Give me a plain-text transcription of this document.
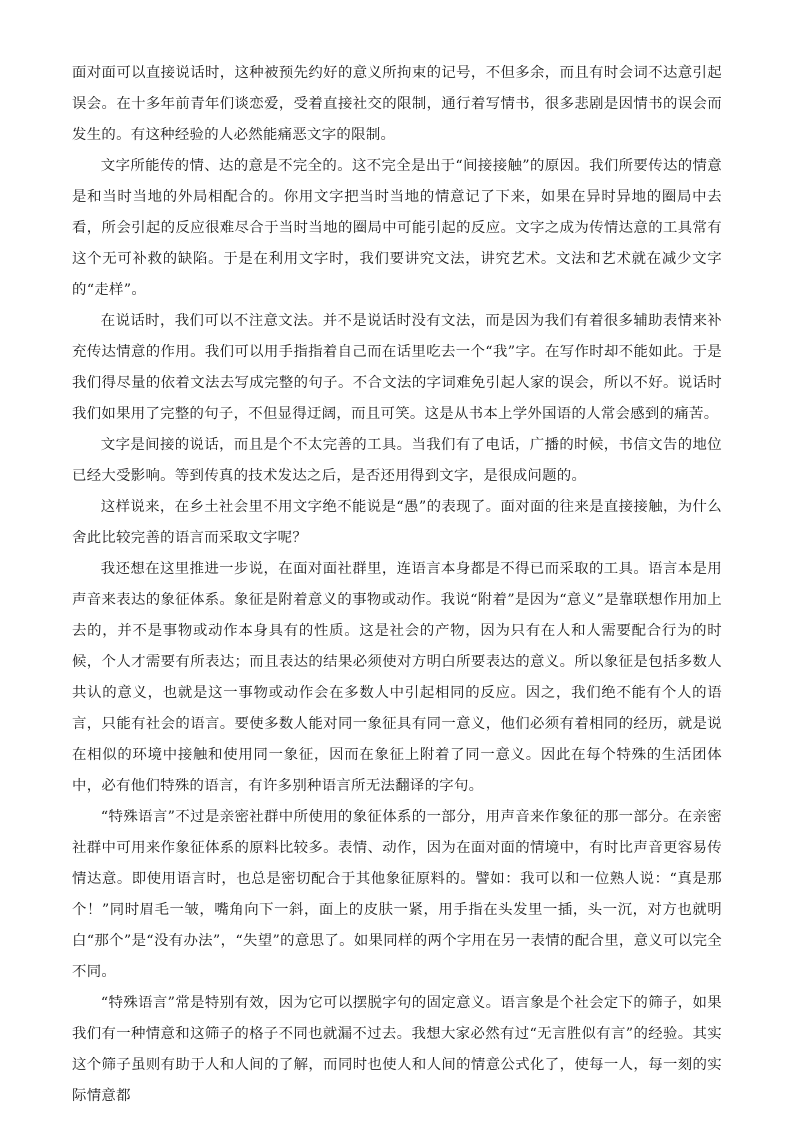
面对面可以直接说话时，这种被预先约好的意义所拘束的记号，不但多余，而且有时会词不达意引起误会。在十多年前青年们谈恋爱，受着直接社交的限制，通行着写情书，很多悲剧是因情书的误会而发生的。有这种经验的人必然能痛恶文字的限制。

文字所能传的情、达的意是不完全的。这不完全是出于“间接接触”的原因。我们所要传达的情意是和当时当地的外局相配合的。你用文字把当时当地的情意记了下来，如果在异时异地的圈局中去看，所会引起的反应很难尽合于当时当地的圈局中可能引起的反应。文字之成为传情达意的工具常有这个无可补救的缺陷。于是在利用文字时，我们要讲究文法，讲究艺术。文法和艺术就在减少文字的“走样”。

在说话时，我们可以不注意文法。并不是说话时没有文法，而是因为我们有着很多辅助表情来补充传达情意的作用。我们可以用手指指着自己而在话里吃去一个“我”字。在写作时却不能如此。于是我们得尽量的依着文法去写成完整的句子。不合文法的字词难免引起人家的误会，所以不好。说话时我们如果用了完整的句子，不但显得迂阔，而且可笑。这是从书本上学外国语的人常会感到的痛苦。

文字是间接的说话，而且是个不太完善的工具。当我们有了电话，广播的时候，书信文告的地位已经大受影响。等到传真的技术发达之后，是否还用得到文字，是很成问题的。

这样说来，在乡土社会里不用文字绝不能说是“愚”的表现了。面对面的往来是直接接触，为什么舍此比较完善的语言而采取文字呢？

我还想在这里推进一步说，在面对面社群里，连语言本身都是不得已而采取的工具。语言本是用声音来表达的象征体系。象征是附着意义的事物或动作。我说“附着”是因为“意义”是靠联想作用加上去的，并不是事物或动作本身具有的性质。这是社会的产物，因为只有在人和人需要配合行为的时候，个人才需要有所表达；而且表达的结果必须使对方明白所要表达的意义。所以象征是包括多数人共认的意义，也就是这一事物或动作会在多数人中引起相同的反应。因之，我们绝不能有个人的语言，只能有社会的语言。要使多数人能对同一象征具有同一意义，他们必须有着相同的经历，就是说在相似的环境中接触和使用同一象征，因而在象征上附着了同一意义。因此在每个特殊的生活团体中，必有他们特殊的语言，有许多别种语言所无法翻译的字句。

“特殊语言”不过是亲密社群中所使用的象征体系的一部分，用声音来作象征的那一部分。在亲密社群中可用来作象征体系的原料比较多。表情、动作，因为在面对面的情境中，有时比声音更容易传情达意。即使用语言时，也总是密切配合于其他象征原料的。譬如：我可以和一位熟人说：“真是那个！”同时眉毛一皱，嘴角向下一斜，面上的皮肤一紧，用手指在头发里一插，头一沉，对方也就明白“那个”是“没有办法”，“失望”的意思了。如果同样的两个字用在另一表情的配合里，意义可以完全不同。

“特殊语言”常是特别有效，因为它可以摆脱字句的固定意义。语言象是个社会定下的筛子，如果我们有一种情意和这筛子的格子不同也就漏不过去。我想大家必然有过“无言胜似有言”的经验。其实这个筛子虽则有助于人和人间的了解，而同时也使人和人间的情意公式化了，使每一人，每一刻的实际情意都
